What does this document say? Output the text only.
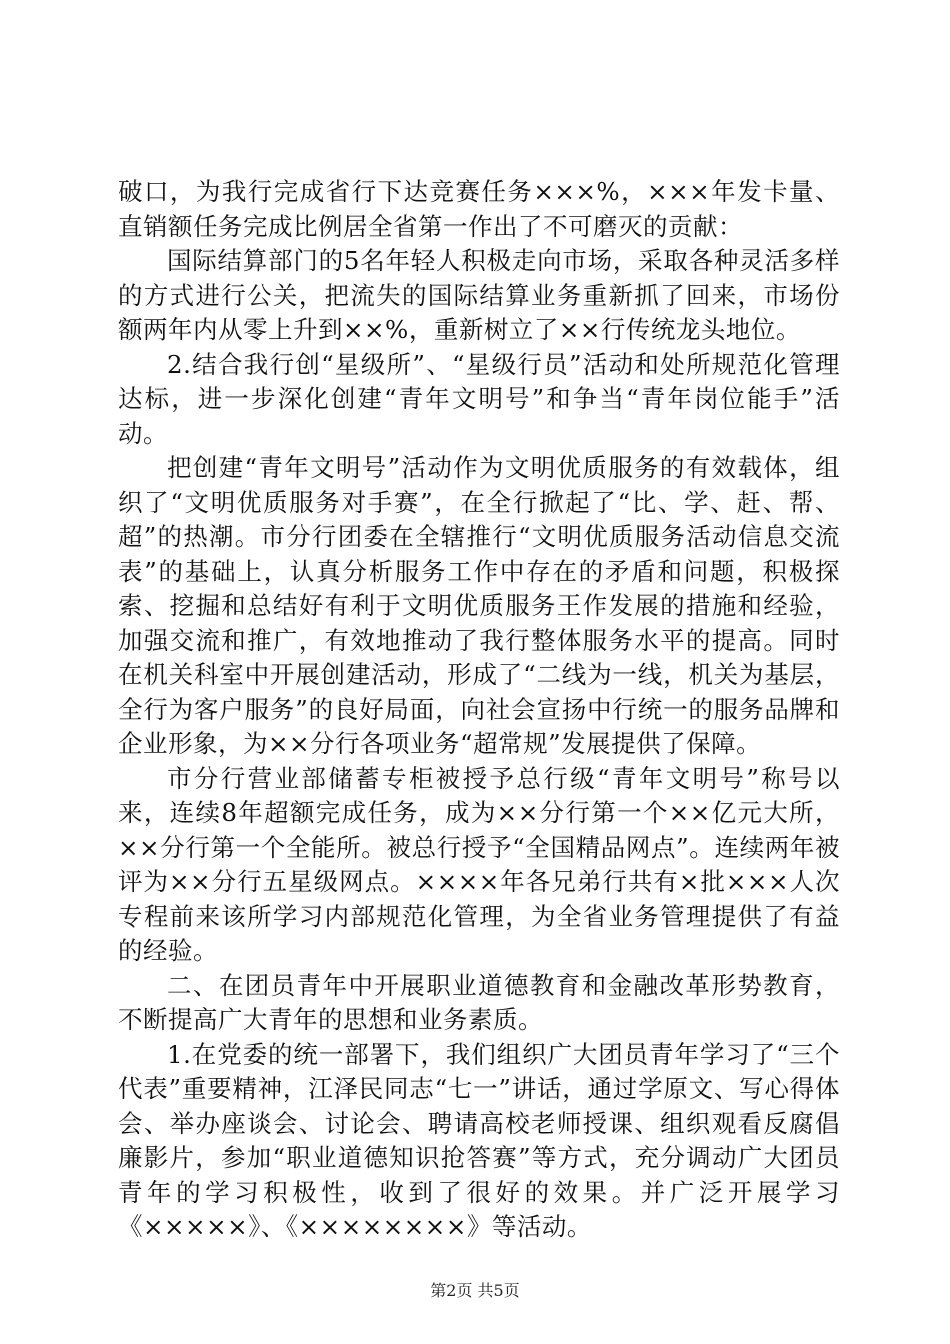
破口，为我行完成省行下达竞赛任务×××%，×××年发卡量、直销额任务完成比例居全省第一作出了不可磨灭的贡献：

国际结算部门的5名年轻人积极走向市场，采取各种灵活多样的方式进行公关，把流失的国际结算业务重新抓了回来，市场份额两年内从零上升到××%，重新树立了××行传统龙头地位。

2.结合我行创“星级所”、“星级行员”活动和处所规范化管理达标，进一步深化创建“青年文明号”和争当“青年岗位能手”活动。

把创建“青年文明号”活动作为文明优质服务的有效载体，组织了“文明优质服务对手赛”，在全行掀起了“比、学、赶、帮、超”的热潮。市分行团委在全辖推行“文明优质服务活动信息交流表”的基础上，认真分析服务工作中存在的矛盾和问题，积极探索、挖掘和总结好有利于文明优质服务王作发展的措施和经验，加强交流和推广，有效地推动了我行整体服务水平的提高。同时在机关科室中开展创建活动，形成了“二线为一线，机关为基层，全行为客户服务”的良好局面，向社会宣扬中行统一的服务品牌和企业形象，为××分行各项业务“超常规”发展提供了保障。

市分行营业部储蓄专柜被授予总行级“青年文明号”称号以来，连续8年超额完成任务，成为××分行第一个××亿元大所，××分行第一个全能所。被总行授予“全国精品网点”。连续两年被评为××分行五星级网点。××××年各兄弟行共有×批×××人次专程前来该所学习内部规范化管理，为全省业务管理提供了有益的经验。

二、在团员青年中开展职业道德教育和金融改革形势教育，不断提高广大青年的思想和业务素质。

1.在党委的统一部署下，我们组织广大团员青年学习了“三个代表”重要精神，江泽民同志“七一”讲话，通过学原文、写心得体会、举办座谈会、讨论会、聘请高校老师授课、组织观看反腐倡廉影片，参加“职业道德知识抢答赛”等方式，充分调动广大团员青年的学习积极性，收到了很好的效果。并广泛开展学习《×××××》、《××××××××》等活动。

第2页 共5页
